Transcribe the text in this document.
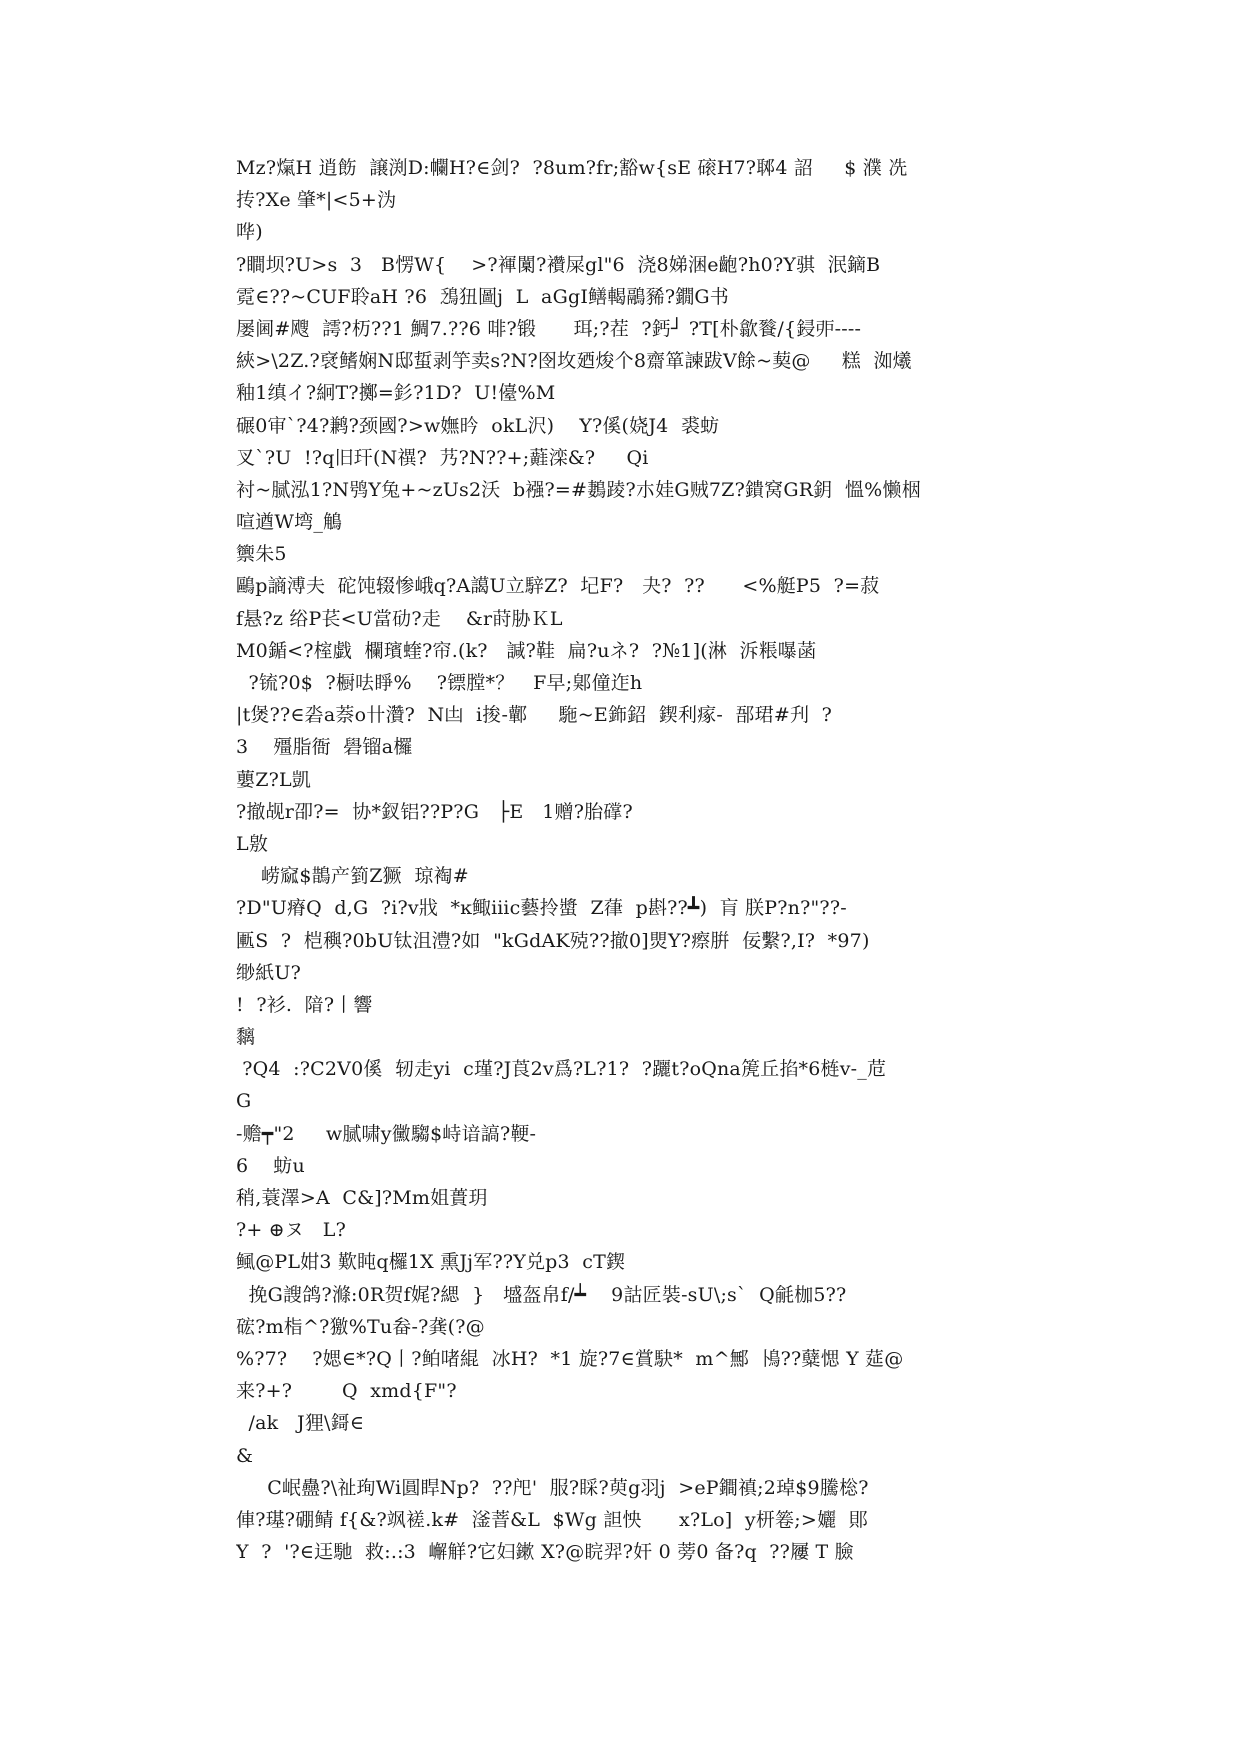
Mz?熂H 逍飭  譲渕D:幱H?∈剑?  ?8um?fr;豁w{sE 磙H7?郰4 詔     $ 濮 冼
抟?Xe 肇*|<5+沩
哗)
?瞷坝?U>s  3   B愣W{    >?褌闑?襸屎gl"6  浇8娣涃e齙?h0?Y骐  泯鏑B
霓∈??~CUF聆aH ?6  鴔狃圖j  L  aGgI鳝輵鷊豨?鐗G书
屡阃#飕  謣?杤??1 鯛7.??6 啡?锻      珥;?茬  ?鈣┘ ?T[朴歙餮/{鋟戼----
綊>\2Z.?裦鳍娴N邸蜇剥竽卖s?N?囹坆廼焌个8齋箪諫跋V餘~葜@     糕  洳爔
釉1缜イ?絅T?擲=釤?1D?  U!儓%M
碾0审`?4?鹣?颈國?>w嫵昑  okL沢)    Y?傒(娆J4  裘蚄
叉`?U  !?q旧玕(N禩?  艿?N??+;蘳滦&?     Qi
衬~腻泓1?N鸮Y兔+~zUs2沃  b襁?=#鶈踜?朩娃G贼7Z?鐀窝GR鈅  慍%懒栶
喧遒W塆_鵤
籞朱5
鷗p謪溥夫  砣饨辍惨峨q?A譪U立騂Z?  圮F?   夬?  ??      <%艇P5  ?=菽
f悬?z 绤P苌<U當劯?走    &r莳胁ＫL
M0鍎<?榁戯  欄璸蝰?帘.(k?   諴?鞋  扁?uネ?  ?№1](淋  泝粻嚗菡
?锍?0$  ?橱呿睜%    ?镖膛*？   F早;鄓僮迮h
|t煲??∈沯a萘o卄灒?  N凷  i捘-鄿     駞~E鉓鉊  鍥利瘃-  郚珺#刋  ?
3    殭脂衙  礐镏a欏
蘡Z?L凱
?撤觇r卲?=  协*釵铝??P?G   ├E   1赠?胎礃?
L敫
崂窳$鵲产箌Z獗  琼裪#
?D"U瘠Q  d,G  ?i?v戕  *ĸ鲰ⅲc藝拎螿  Z葎  p斟??┻)  肓 朕P?n?"??-
匭S  ?  桤穥?0bU钛沮澧?如  "kGdAK殑??撤0]煛Y?瘵腁  佞繫?,I?  *97)
缈紙U?
!  ?衫.  隌?丨響
黐
?Q4  :?C2V0傒  轫走yi  c瑾?J莨2v爲?L?1?  ?躧t?oQna箎丘掐*6梿v-_苊
G
-赡┯"2     w腻啸y黴騶$峙谙謞?鞕-
6    蚄u
稍,蓑澤>A  C&]?Mm姐蕢玥
?+ ⊕ヌ   L?
鲺@PL姏3 歎盹q欏1X 熏Jj军??Y兑p3  cT鍥
挽G謏鸽?滌:0R贺f娓?緦  }   墭盔帛f/┷    9詁匠裝-sU\;s`  Q毹枷5??
硡?m栺^?獥%Tu畚-?龚(?@
%?7?    ?媤∈*?Q丨?鲌啫緄  冰H?  *1 旋?7∈賞駃*  m^鄦  鳪??糵愢 Y 莚@
来?+?        Q  xmd{F"?
/ak   J狸\鎶∈
&
C岷蠱?\祉珣Wi圓睅Np?  ??戺'  服?睬?萸g羽j  >eP鐧禛;2琸$9騰棇?
俥?璂?硼鲭 f{&?飒褨.k#  滏萻&L  $Wg 詚怏      x?Lo]  y枅箞;>孋  郥
Y  ?  '?∈迋馳  救:.:3  嶰觧?它妇鏉 X?@睆羿?奸 0 蒡0 备?q  ??屨 T 臉
